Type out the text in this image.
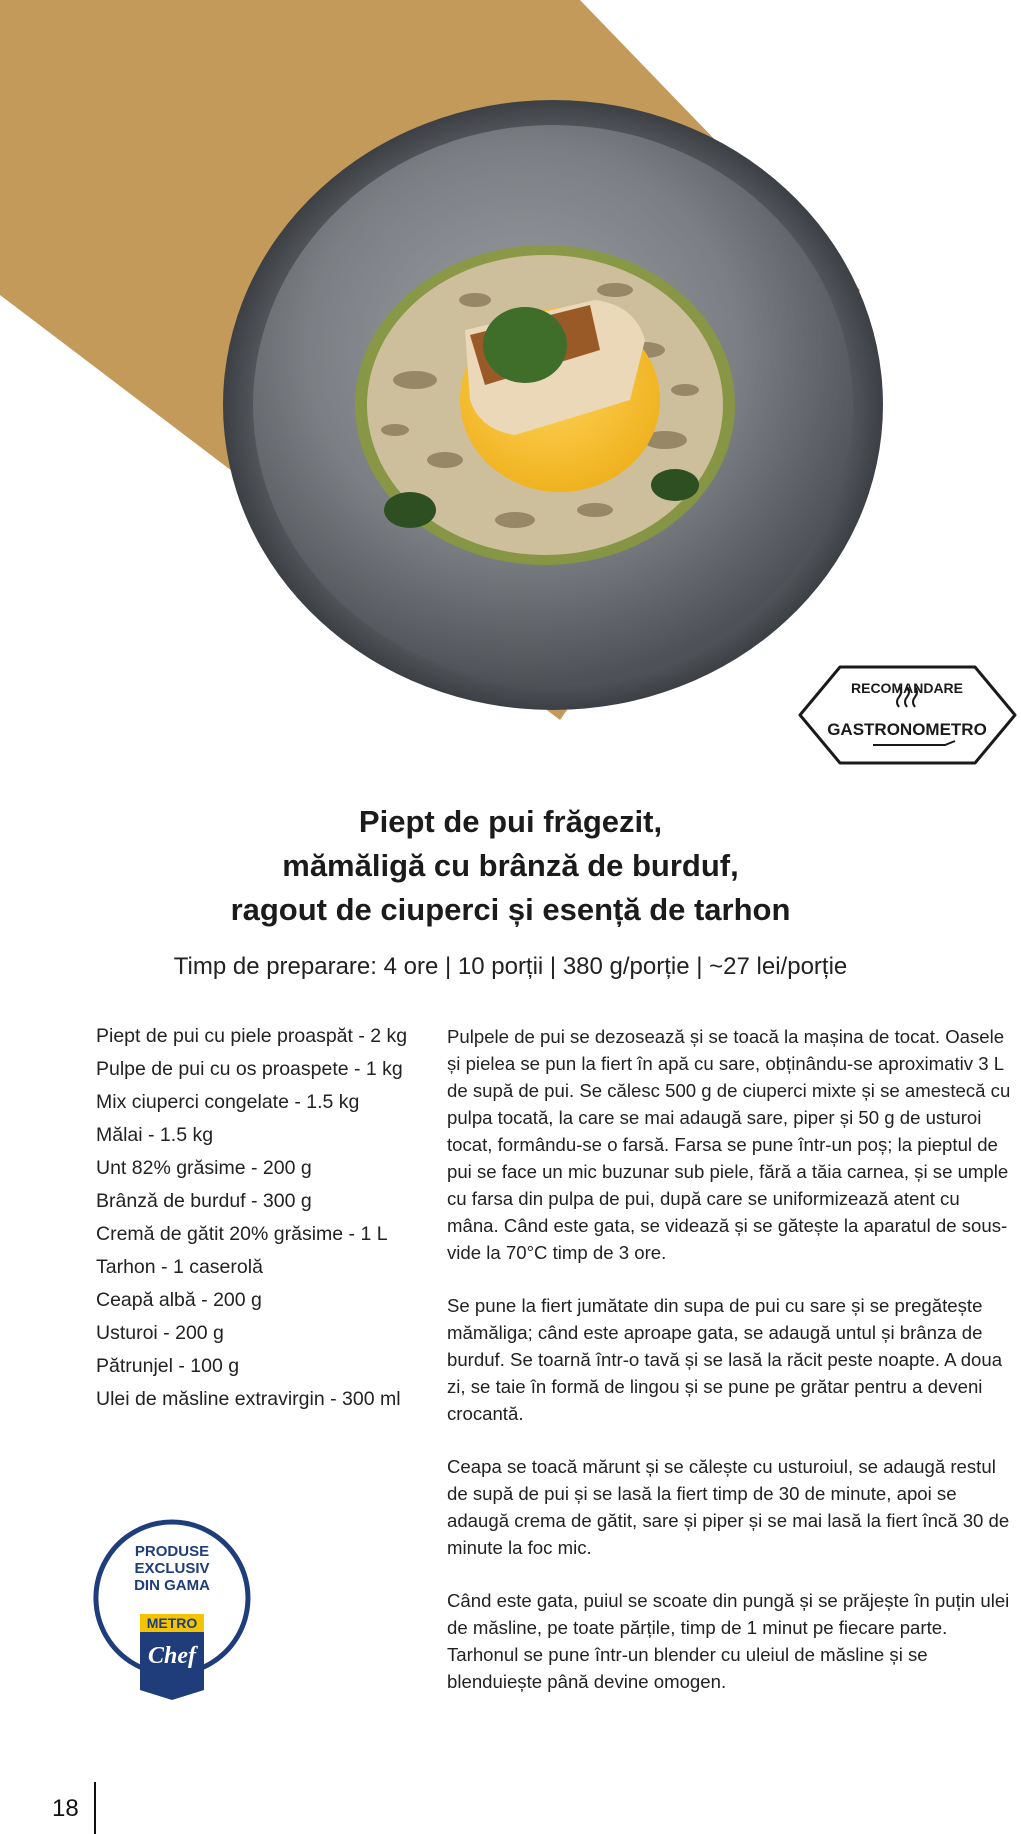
RECOMANDARE
GASTRONOMETRO
Piept de pui frăgezit,
mămăligă cu brânză de burduf,
ragout de ciuperci și esență de tarhon
Timp de preparare: 4 ore | 10 porții | 380 g/porție | ~27 lei/porție
Piept de pui cu piele proaspăt - 2 kg
Pulpe de pui cu os proaspete - 1 kg
Mix ciuperci congelate - 1.5 kg
Mălai - 1.5 kg
Unt 82% grăsime - 200 g
Brânză de burduf - 300 g
Cremă de gătit 20% grăsime - 1 L
Tarhon - 1 caserolă
Ceapă albă - 200 g
Usturoi - 200 g
Pătrunjel - 100 g
Ulei de măsline extravirgin - 300 ml

Pulpele de pui se dezosează și se toacă la mașina de tocat. Oasele și pielea se pun la fiert în apă cu sare, obținându-se aproximativ 3 L de supă de pui. Se călesc 500 g de ciuperci mixte și se amestecă cu pulpa tocată, la care se mai adaugă sare, piper și 50 g de usturoi tocat, formându-se o farsă. Farsa se pune într-un poș; la pieptul de pui se face un mic buzunar sub piele, fără a tăia carnea, și se umple cu farsa din pulpa de pui, după care se uniformizează atent cu mâna. Când este gata, se videază și se gătește la aparatul de sous-vide la 70°C timp de 3 ore.

Se pune la fiert jumătate din supa de pui cu sare și se pregătește mămăliga; când este aproape gata, se adaugă untul și brânza de burduf. Se toarnă într-o tavă și se lasă la răcit peste noapte. A doua zi, se taie în formă de lingou și se pune pe grătar pentru a deveni crocantă.

Ceapa se toacă mărunt și se călește cu usturoiul, se adaugă restul de supă de pui și se lasă la fiert timp de 30 de minute, apoi se adaugă crema de gătit, sare și piper și se mai lasă la fiert încă 30 de minute la foc mic.

Când este gata, puiul se scoate din pungă și se prăjește în puțin ulei de măsline, pe toate părțile, timp de 1 minut pe fiecare parte. Tarhonul se pune într-un blender cu uleiul de măsline și se blenduiește până devine omogen.

PRODUSE
EXCLUSIV
DIN GAMA
METRO
Chef
18
